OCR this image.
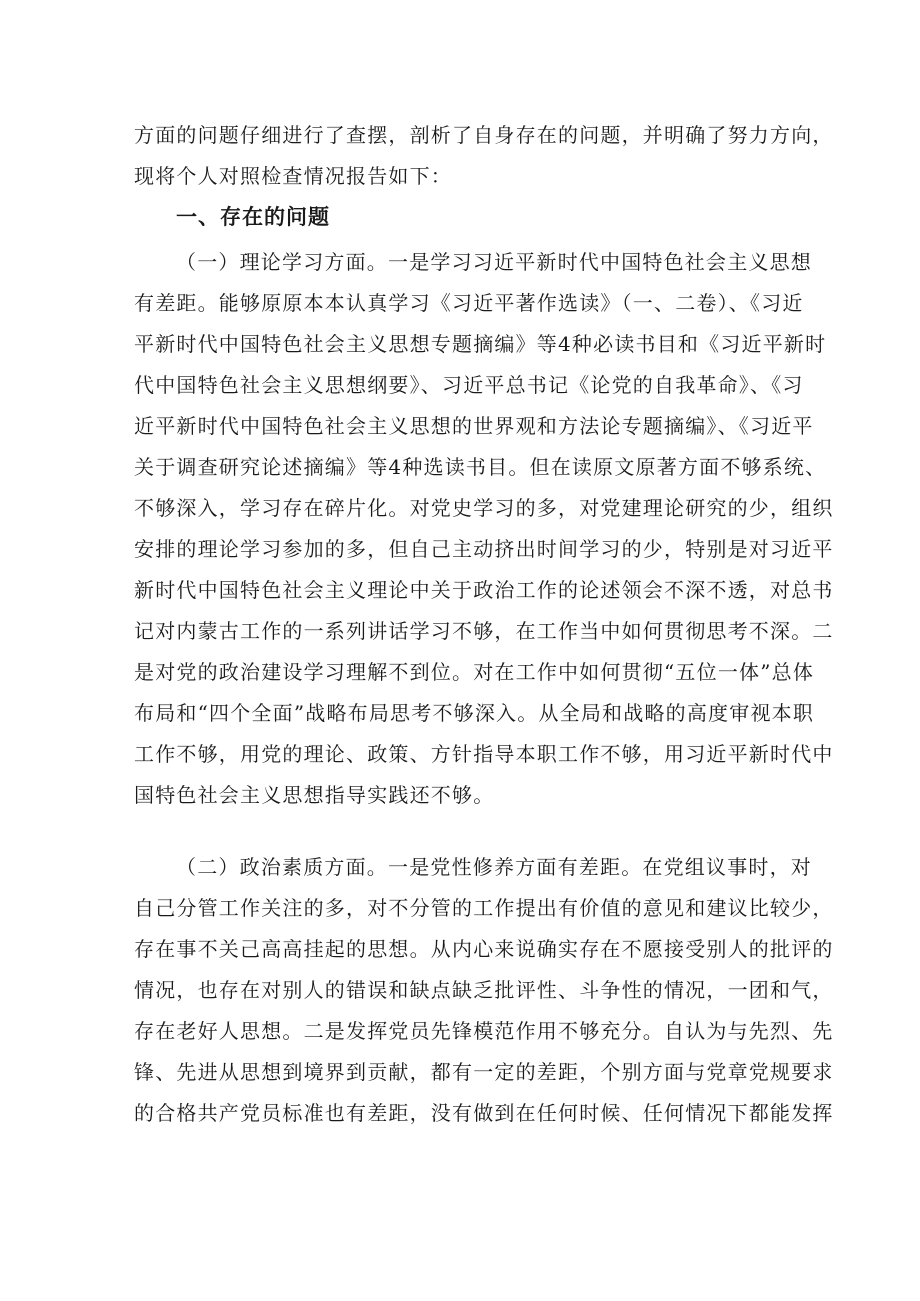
方面的问题仔细进行了查摆，剖析了自身存在的问题，并明确了努力方向，
现将个人对照检查情况报告如下：
一、存在的问题
（一）理论学习方面。一是学习习近平新时代中国特色社会主义思想
有差距。能够原原本本认真学习《习近平著作选读》（一、二卷）、《习近
平新时代中国特色社会主义思想专题摘编》等4种必读书目和《习近平新时
代中国特色社会主义思想纲要》、习近平总书记《论党的自我革命》、《习
近平新时代中国特色社会主义思想的世界观和方法论专题摘编》、《习近平
关于调查研究论述摘编》等4种选读书目。但在读原文原著方面不够系统、
不够深入，学习存在碎片化。对党史学习的多，对党建理论研究的少，组织
安排的理论学习参加的多，但自己主动挤出时间学习的少，特别是对习近平
新时代中国特色社会主义理论中关于政治工作的论述领会不深不透，对总书
记对内蒙古工作的一系列讲话学习不够，在工作当中如何贯彻思考不深。二
是对党的政治建设学习理解不到位。对在工作中如何贯彻“五位一体”总体
布局和“四个全面”战略布局思考不够深入。从全局和战略的高度审视本职
工作不够，用党的理论、政策、方针指导本职工作不够，用习近平新时代中
国特色社会主义思想指导实践还不够。
（二）政治素质方面。一是党性修养方面有差距。在党组议事时，对
自己分管工作关注的多，对不分管的工作提出有价值的意见和建议比较少，
存在事不关己高高挂起的思想。从内心来说确实存在不愿接受别人的批评的
情况，也存在对别人的错误和缺点缺乏批评性、斗争性的情况，一团和气，
存在老好人思想。二是发挥党员先锋模范作用不够充分。自认为与先烈、先
锋、先进从思想到境界到贡献，都有一定的差距，个别方面与党章党规要求
的合格共产党员标准也有差距，没有做到在任何时候、任何情况下都能发挥
